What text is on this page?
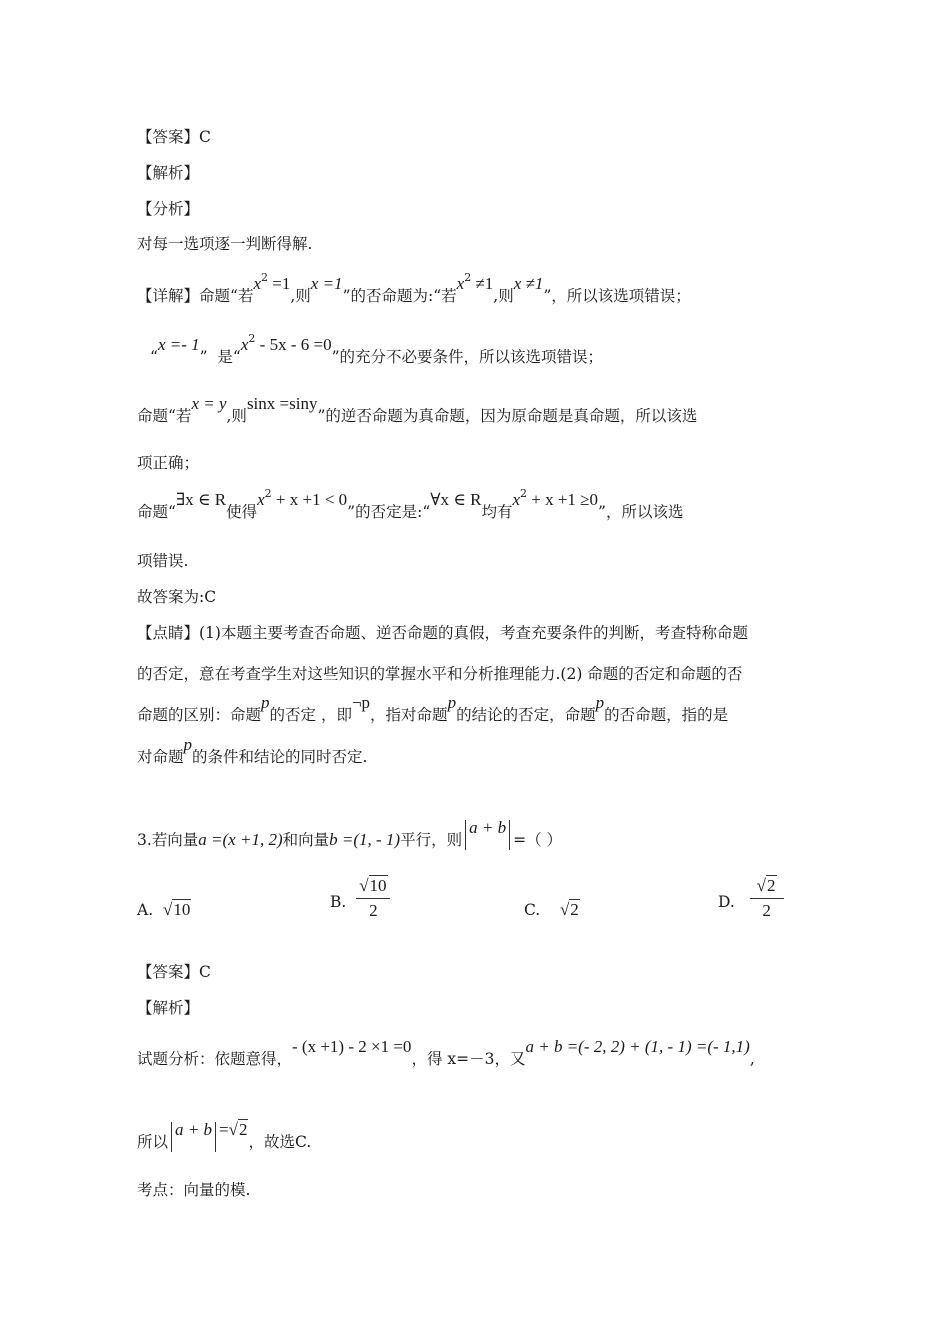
【答案】C
【解析】
【分析】
对每一选项逐一判断得解.
【详解】命题“若$x^2 =1$,则x =1”的否命题为:“若$x^2 \ne 1$,则x ≠1”，所以该选项错误；
“x =- 1” 是“$x^2 - 5x - 6 =0$”的充分不必要条件，所以该选项错误；
命题“若x = y,则sinx =siny”的逆否命题为真命题，因为原命题是真命题，所以该选
项正确；
命题“∃x ∈ R使得$x^2 + x +1 < 0$”的否定是:“∀x ∈ R均有$x^2 + x +1 \ge 0$”，所以该选
项错误.
故答案为:C
【点睛】(1)本题主要考查否命题、逆否命题的真假，考查充要条件的判断，考查特称命题
的否定，意在考查学生对这些知识的掌握水平和分析推理能力.(2) 命题的否定和命题的否
命题的区别：命题p的否定 ，即¬p，指对命题p的结论的否定，命题p的否命题，指的是
对命题p的条件和结论的同时否定.
3.若向量a =(x +1, 2)和向量b =(1, - 1)平行，则a + b=（ ）
A. √10	B. $\frac{√10}{2}$	C. √2	D. $\frac{√2}{2}$
【答案】C
【解析】
试题分析：依题意得，- (x +1) - 2 ×1 =0，得 x=－3，又a + b =(- 2, 2) + (1, - 1) =(- 1,1),
所以a + b =√2，故选C.
考点：向量的模.
